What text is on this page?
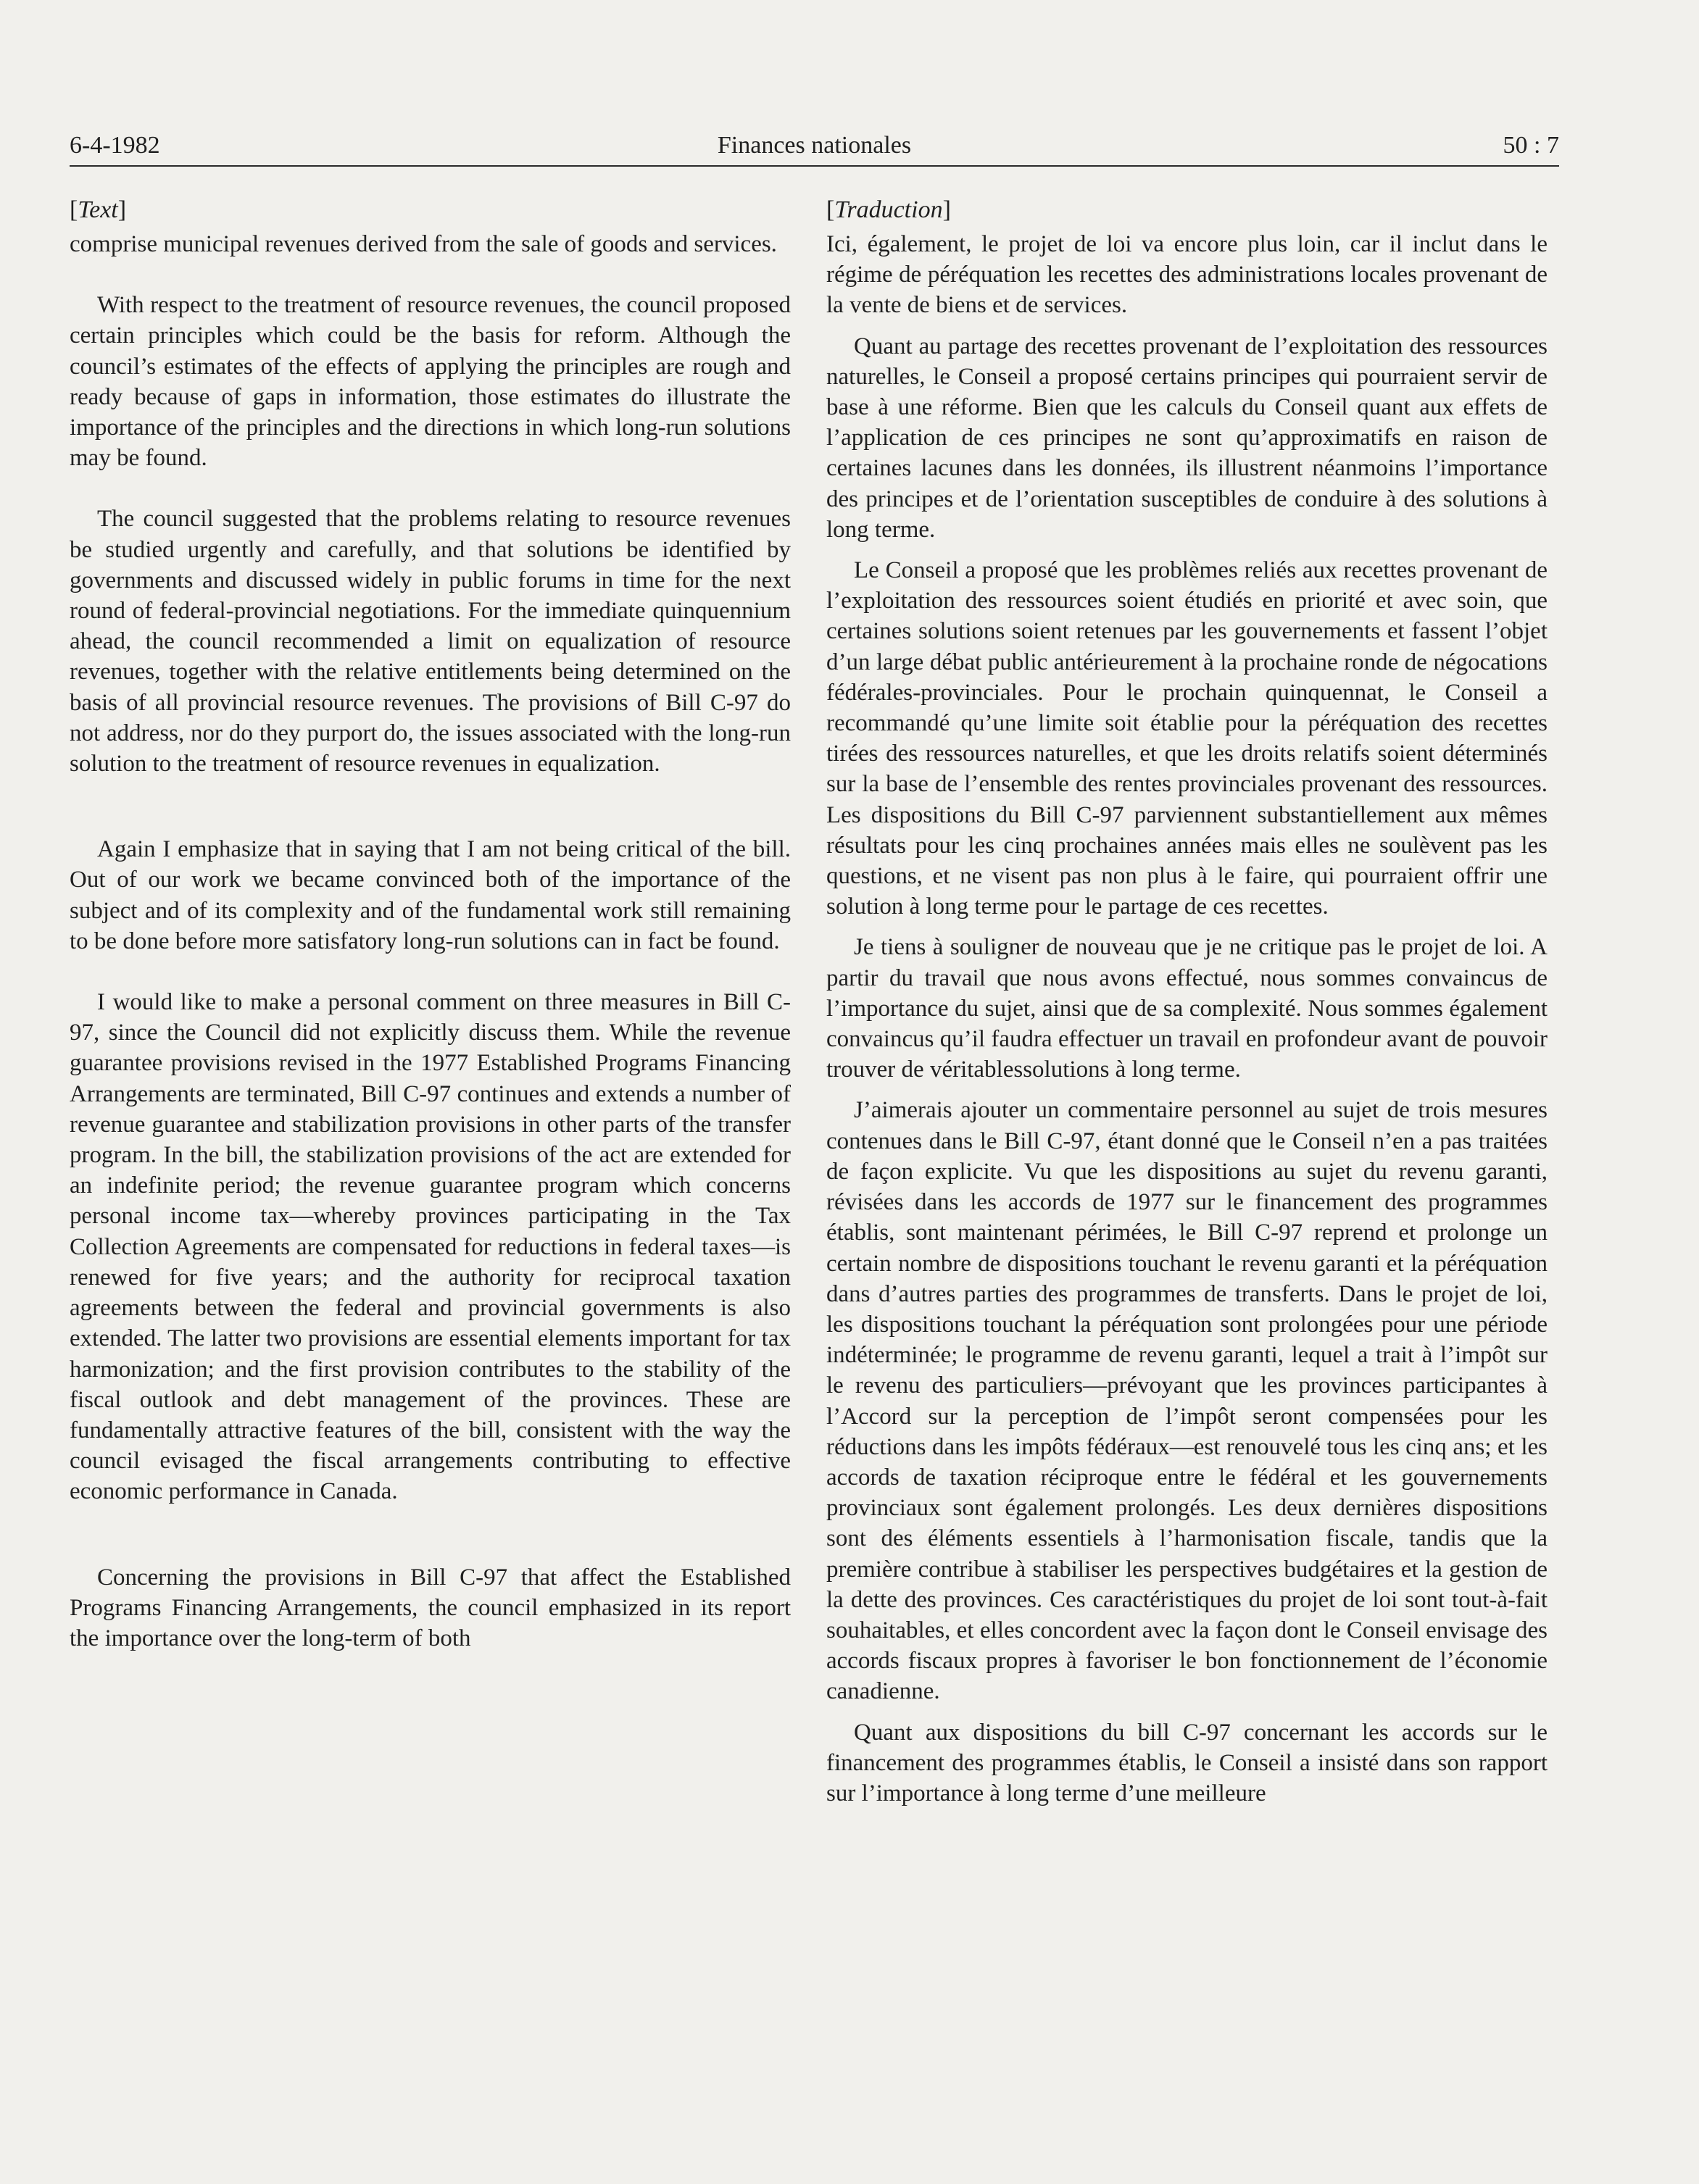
6-4-1982	Finances nationales	50 : 7
[Text]

comprise municipal revenues derived from the sale of goods and services.

With respect to the treatment of resource revenues, the council proposed certain principles which could be the basis for reform. Although the council’s estimates of the effects of applying the principles are rough and ready because of gaps in information, those estimates do illustrate the importance of the principles and the directions in which long-run solutions may be found.

The council suggested that the problems relating to resource revenues be studied urgently and carefully, and that solutions be identified by governments and discussed widely in public forums in time for the next round of federal-provincial negotiations. For the immediate quinquennium ahead, the council recommended a limit on equalization of resource revenues, together with the relative entitlements being determined on the basis of all provincial resource revenues. The provisions of Bill C-97 do not address, nor do they purport do, the issues associated with the long-run solution to the treatment of resource revenues in equalization.

Again I emphasize that in saying that I am not being critical of the bill. Out of our work we became convinced both of the importance of the subject and of its complexity and of the fundamental work still remaining to be done before more satisfatory long-run solutions can in fact be found.

I would like to make a personal comment on three measures in Bill C-97, since the Council did not explicitly discuss them. While the revenue guarantee provisions revised in the 1977 Established Programs Financing Arrangements are terminated, Bill C-97 continues and extends a number of revenue guarantee and stabilization provisions in other parts of the transfer program. In the bill, the stabilization provisions of the act are extended for an indefinite period; the revenue guarantee program which concerns personal income tax—whereby provinces participating in the Tax Collection Agreements are compensated for reductions in federal taxes—is renewed for five years; and the authority for reciprocal taxation agreements between the federal and provincial governments is also extended. The latter two provisions are essential elements important for tax harmonization; and the first provision contributes to the stability of the fiscal outlook and debt management of the provinces. These are fundamentally attractive features of the bill, consistent with the way the council evisaged the fiscal arrangements contributing to effective economic performance in Canada.

Concerning the provisions in Bill C-97 that affect the Established Programs Financing Arrangements, the council emphasized in its report the importance over the long-term of both

[Traduction]

Ici, également, le projet de loi va encore plus loin, car il inclut dans le régime de péréquation les recettes des administrations locales provenant de la vente de biens et de services.

Quant au partage des recettes provenant de l’exploitation des ressources naturelles, le Conseil a proposé certains principes qui pourraient servir de base à une réforme. Bien que les calculs du Conseil quant aux effets de l’application de ces principes ne sont qu’approximatifs en raison de certaines lacunes dans les données, ils illustrent néanmoins l’importance des principes et de l’orientation susceptibles de conduire à des solutions à long terme.

Le Conseil a proposé que les problèmes reliés aux recettes provenant de l’exploitation des ressources soient étudiés en priorité et avec soin, que certaines solutions soient retenues par les gouvernements et fassent l’objet d’un large débat public antérieurement à la prochaine ronde de négocations fédérales-provinciales. Pour le prochain quinquennat, le Conseil a recommandé qu’une limite soit établie pour la péréquation des recettes tirées des ressources naturelles, et que les droits relatifs soient déterminés sur la base de l’ensemble des rentes provinciales provenant des ressources. Les dispositions du Bill C-97 parviennent substantiellement aux mêmes résultats pour les cinq prochaines années mais elles ne soulèvent pas les questions, et ne visent pas non plus à le faire, qui pourraient offrir une solution à long terme pour le partage de ces recettes.

Je tiens à souligner de nouveau que je ne critique pas le projet de loi. A partir du travail que nous avons effectué, nous sommes convaincus de l’importance du sujet, ainsi que de sa complexité. Nous sommes également convaincus qu’il faudra effectuer un travail en profondeur avant de pouvoir trouver de véritablessolutions à long terme.

J’aimerais ajouter un commentaire personnel au sujet de trois mesures contenues dans le Bill C-97, étant donné que le Conseil n’en a pas traitées de façon explicite. Vu que les dispositions au sujet du revenu garanti, révisées dans les accords de 1977 sur le financement des programmes établis, sont maintenant périmées, le Bill C-97 reprend et prolonge un certain nombre de dispositions touchant le revenu garanti et la péréquation dans d’autres parties des programmes de transferts. Dans le projet de loi, les dispositions touchant la péréquation sont prolongées pour une période indéterminée; le programme de revenu garanti, lequel a trait à l’impôt sur le revenu des particuliers—prévoyant que les provinces participantes à l’Accord sur la perception de l’impôt seront compensées pour les réductions dans les impôts fédéraux—est renouvelé tous les cinq ans; et les accords de taxation réciproque entre le fédéral et les gouvernements provinciaux sont également prolongés. Les deux dernières dispositions sont des éléments essentiels à l’harmonisation fiscale, tandis que la première contribue à stabiliser les perspectives budgétaires et la gestion de la dette des provinces. Ces caractéristiques du projet de loi sont tout-à-fait souhaitables, et elles concordent avec la façon dont le Conseil envisage des accords fiscaux propres à favoriser le bon fonctionnement de l’économie canadienne.

Quant aux dispositions du bill C-97 concernant les accords sur le financement des programmes établis, le Conseil a insisté dans son rapport sur l’importance à long terme d’une meilleure
